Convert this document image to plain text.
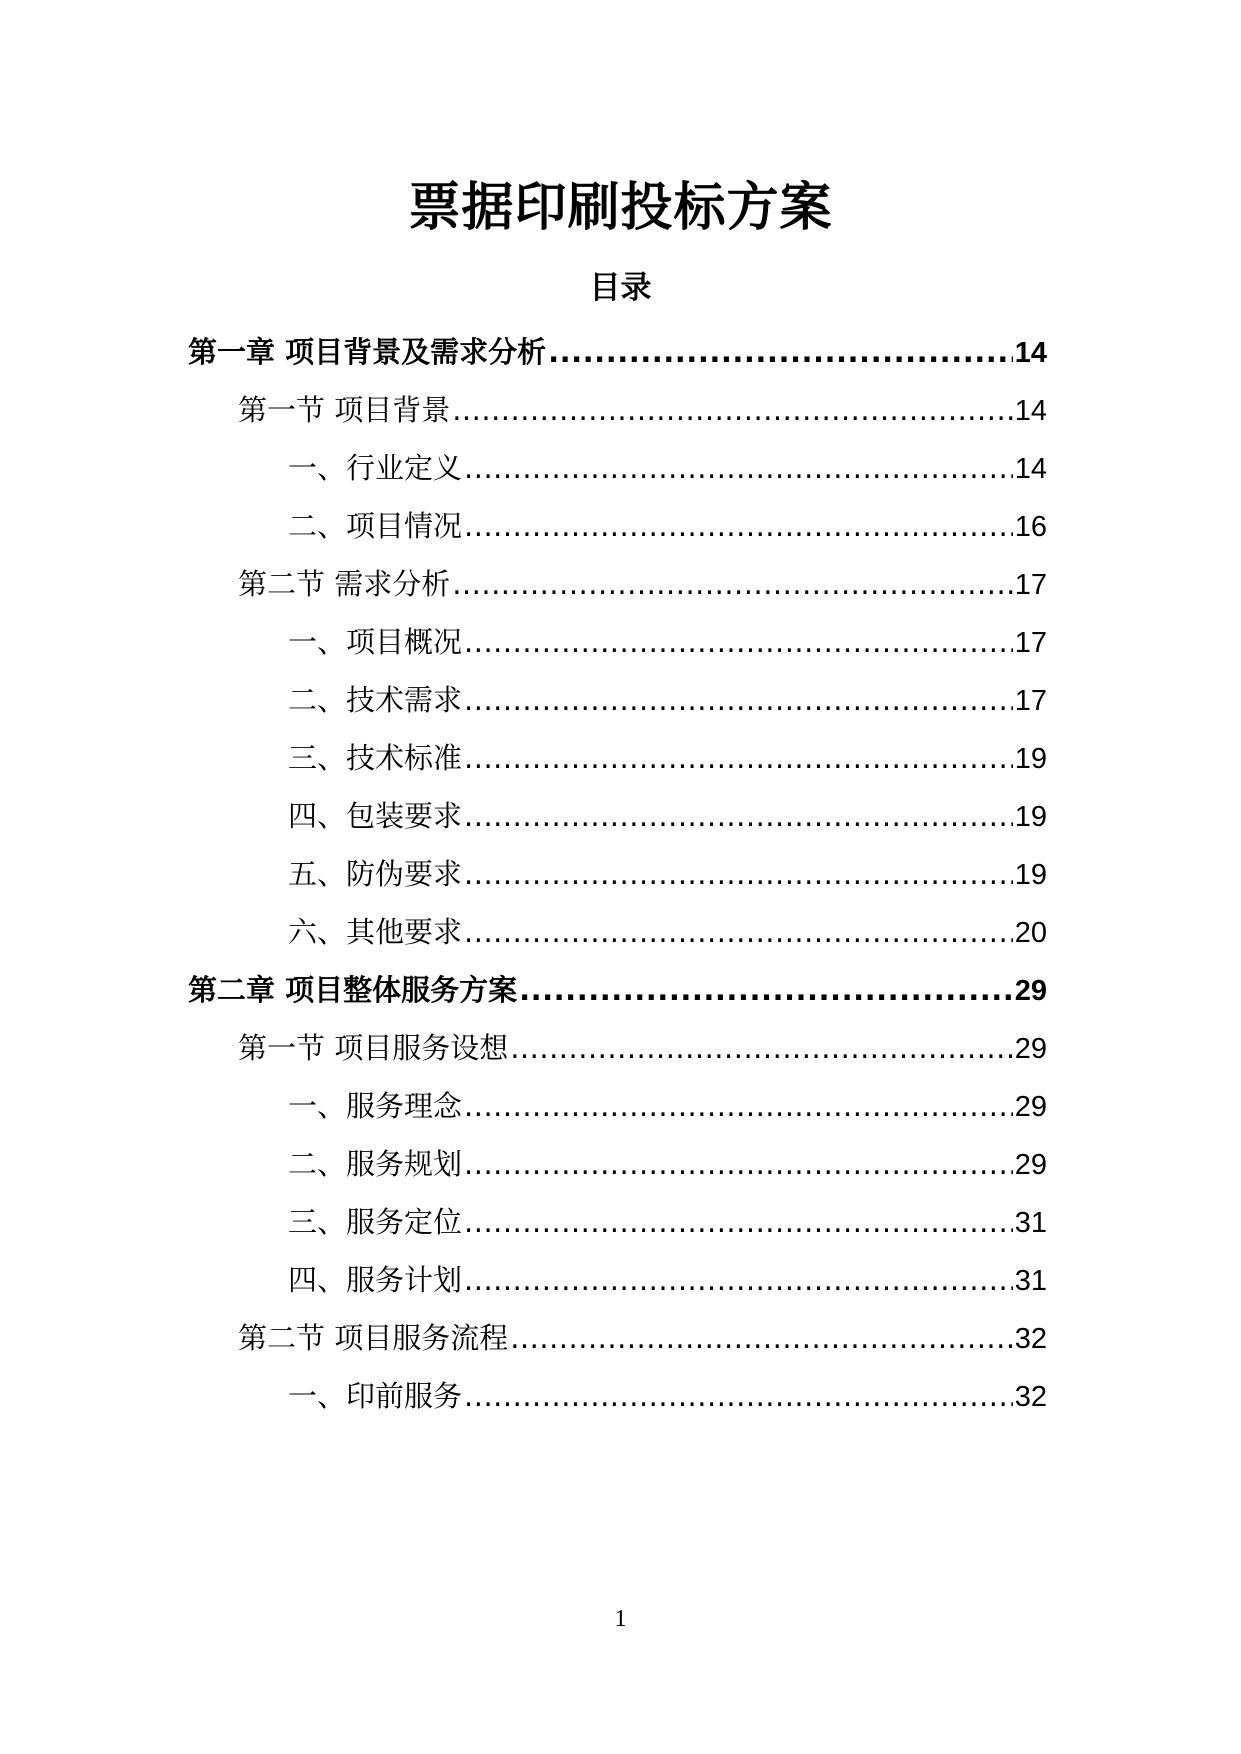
票据印刷投标方案
目录
第一章 项目背景及需求分析 .....	14
第一节 项目背景 .....	14
一、行业定义 .....	14
二、项目情况 .....	16
第二节 需求分析 .....	17
一、项目概况 .....	17
二、技术需求 .....	17
三、技术标准 .....	19
四、包装要求 .....	19
五、防伪要求 .....	19
六、其他要求 .....	20
第二章 项目整体服务方案 .....	29
第一节 项目服务设想 .....	29
一、服务理念 .....	29
二、服务规划 .....	29
三、服务定位 .....	31
四、服务计划 .....	31
第二节 项目服务流程 .....	32
一、印前服务 .....	32
1
